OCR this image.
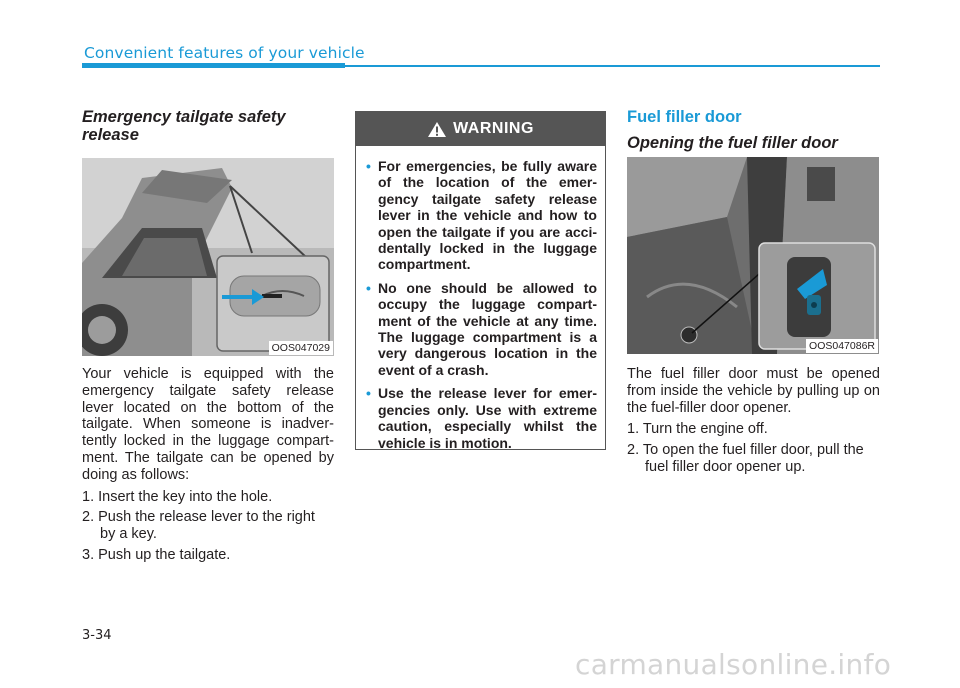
Convenient features of your vehicle
Emergency tailgate safety release
OOS047029

Your vehicle is equipped with the emergency tailgate safety release lever located on the bottom of the tailgate. When someone is inadver-tently locked in the luggage compart-ment. The tailgate can be opened by doing as follows:

1. Insert the key into the hole.
2. Push the release lever to the right by a key.
3. Push up the tailgate.
WARNING
• For emergencies, be fully aware of the location of the emer-gency tailgate safety release lever in the vehicle and how to open the tailgate if you are acci-dentally locked in the luggage compartment.
• No one should be allowed to occupy the luggage compart-ment of the vehicle at any time. The luggage compartment is a very dangerous location in the event of a crash.
• Use the release lever for emer-gencies only. Use with extreme caution, especially whilst the vehicle is in motion.
Fuel filler door
Opening the fuel filler door
OOS047086R

The fuel filler door must be opened from inside the vehicle by pulling up on the fuel-filler door opener.

1. Turn the engine off.
2. To open the fuel filler door, pull the fuel filler door opener up.
3-34
carmanualsonline.info
